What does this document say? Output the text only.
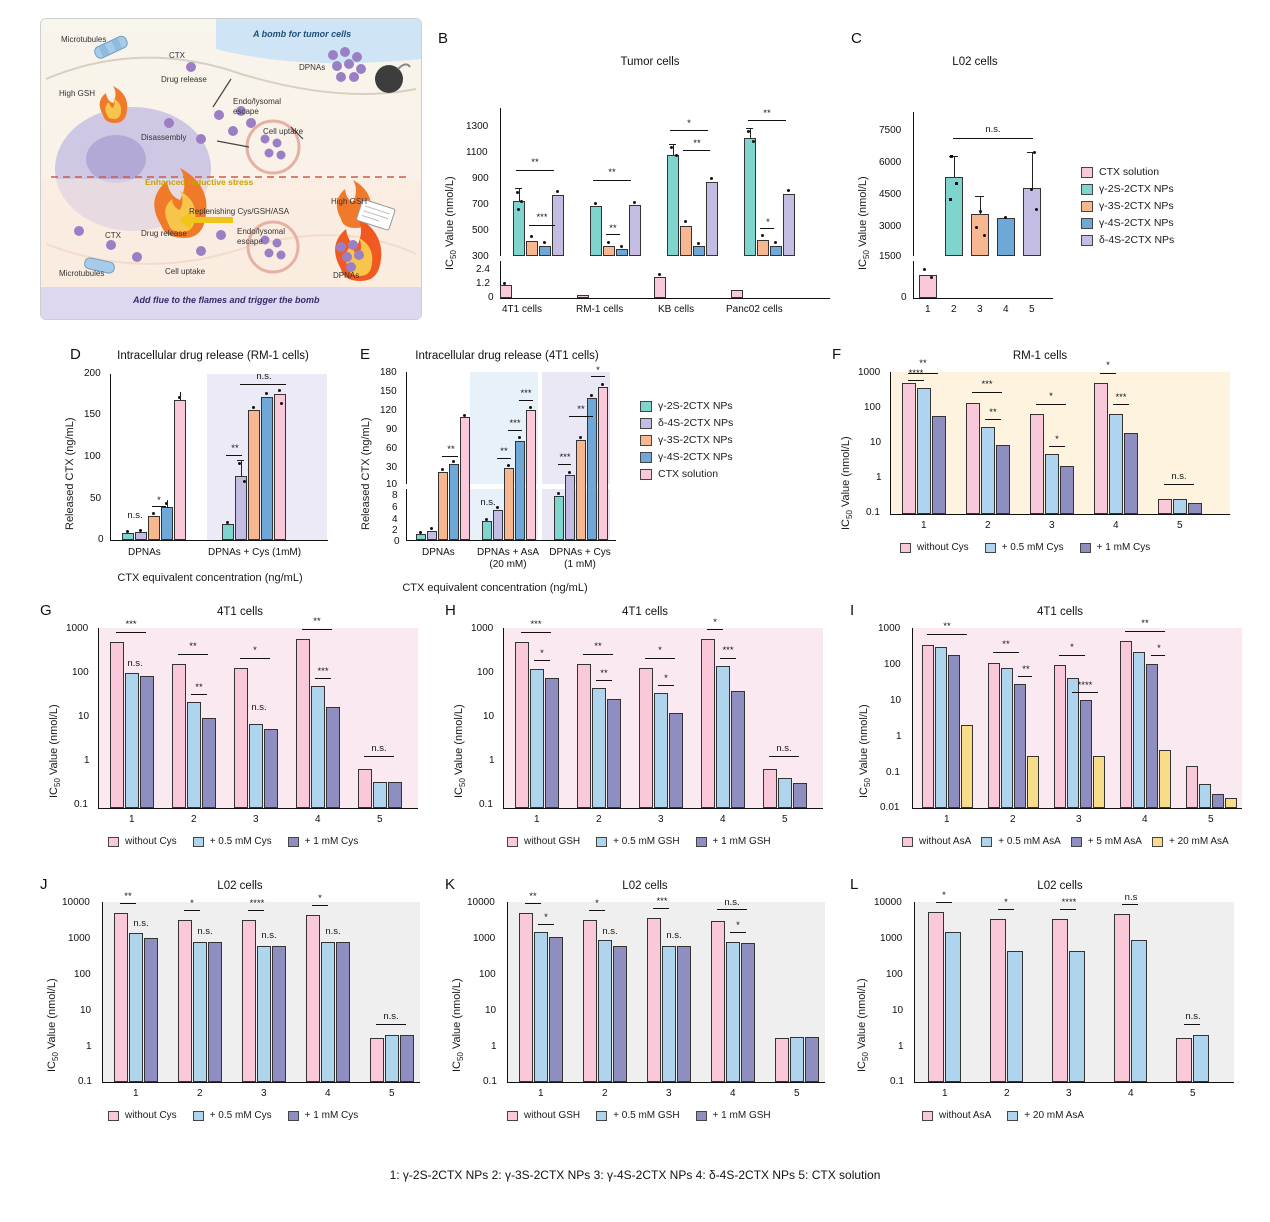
Microtubules
CTX
Drug release
High GSH
Disassembly
DPNAs
Cell uptake
Endo/lysomal escape
A bomb for tumor cells
Enhanced reductive stress
Replenishing Cys/GSH/ASA
High GSH
CTX	Drug release	Endo/lysomal escape
Cell uptake
Microtubules	DPNAs
Add flue to the flames and trigger the bomb
B
Tumor cells
$IC_{50}$ Value (nmol/L)
1300
1100
900
700
500
300
2.4
1.2
0
**
***
**
**
*
**
**
*
4T1 cells	RM-1 cells	KB cells	Panc02 cells
C
L02 cells
$IC_{50}$ Value (nmol/L)
7500
6000
4500
3000
1500
0
n.s.
1 2 3 4 5
CTX solution
γ-2S-2CTX NPs
γ-3S-2CTX NPs
γ-4S-2CTX NPs
δ-4S-2CTX NPs
D	Intracellular drug release (RM-1 cells)
Released CTX (ng/mL)
200
150
100
50
0
n.s.
*
**
n.s.
DPNAs	DPNAs + Cys (1mM)
CTX equivalent concentration (ng/mL)
E	Intracellular drug release (4T1 cells)
Released CTX (ng/mL)
180
150
120
90
60
30
10
8
6
4
2
0
**
n.s.
**
***
***
***
**
*
DPNAs DPNAs + AsA (20 mM)
DPNAs + Cys (1 mM)
CTX equivalent concentration (ng/mL)
γ-2S-2CTX NPs
δ-4S-2CTX NPs
γ-3S-2CTX NPs
γ-4S-2CTX NPs
CTX solution
F	RM-1 cells
$IC_{50}$ Value (nmol/L)
1000
100
10
1
0.1
**
****
***
**
*
*
*
***
n.s.
1	2	3	4	5
without Cys	+ 0.5 mM Cys	+ 1 mM Cys
G	4T1 cells
$IC_{50}$ Value (nmol/L)
1000
100
10
1
0.1
***
n.s.
**
**
*
n.s.
**
***
n.s.
1	2	3	4	5
without Cys	+ 0.5 mM Cys	+ 1 mM Cys
H	4T1 cells
$IC_{50}$ Value (nmol/L)
1000
100
10
1
0.1
***
*
**
**
*
*
*
***
n.s.
1	2	3	4	5
without GSH	+ 0.5 mM GSH	+ 1 mM GSH
I	4T1 cells
$IC_{50}$ Value (nmol/L)
1000
100
10
1
0.1
0.01
**
**
**
*
****
**
*
1	2	3	4	5
without AsA	+ 0.5 mM AsA	+ 5 mM AsA	+ 20 mM AsA
J	L02 cells
$IC_{50}$ Value (nmol/L)
10000
1000
100
10
1
0.1
**
n.s.
*
n.s.
****
n.s.
*
n.s.
n.s.
1	2	3	4	5
without Cys	+ 0.5 mM Cys	+ 1 mM Cys
K	L02 cells
$IC_{50}$ Value (nmol/L)
10000
1000
100
10
1
0.1
**
*
*
n.s.
***
n.s.
n.s.
*
1	2	3	4	5
without GSH	+ 0.5 mM GSH	+ 1 mM GSH
L	L02 cells
$IC_{50}$ Value (nmol/L)
10000
1000
100
10
1
0.1
*
*	****	n.s
n.s.
1	2	3	4	5
without AsA	+ 20 mM AsA
1: γ-2S-2CTX NPs 2: γ-3S-2CTX NPs 3: γ-4S-2CTX NPs 4: δ-4S-2CTX NPs 5: CTX solution
